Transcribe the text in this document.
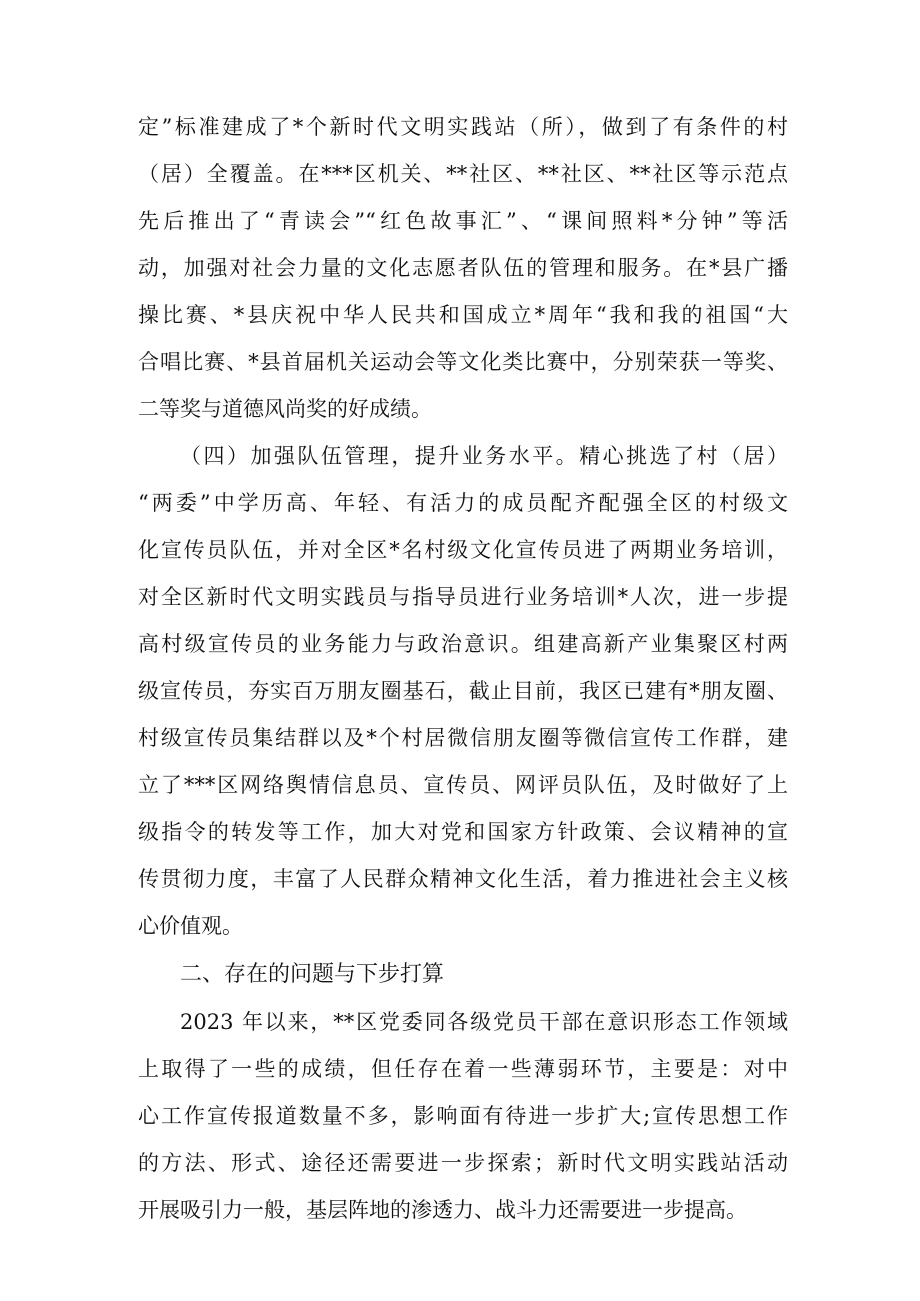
定”标准建成了*个新时代文明实践站（所），做到了有条件的村
（居）全覆盖。在***区机关、**社区、**社区、**社区等示范点
先后推出了“青读会”“红色故事汇”、“课间照料*分钟”等活
动，加强对社会力量的文化志愿者队伍的管理和服务。在*县广播
操比赛、*县庆祝中华人民共和国成立*周年“我和我的祖国“大
合唱比赛、*县首届机关运动会等文化类比赛中，分别荣获一等奖、
二等奖与道德风尚奖的好成绩。
（四）加强队伍管理，提升业务水平。精心挑选了村（居）
“两委”中学历高、年轻、有活力的成员配齐配强全区的村级文
化宣传员队伍，并对全区*名村级文化宣传员进了两期业务培训，
对全区新时代文明实践员与指导员进行业务培训*人次，进一步提
高村级宣传员的业务能力与政治意识。组建高新产业集聚区村两
级宣传员，夯实百万朋友圈基石，截止目前，我区已建有*朋友圈、
村级宣传员集结群以及*个村居微信朋友圈等微信宣传工作群，建
立了***区网络舆情信息员、宣传员、网评员队伍，及时做好了上
级指令的转发等工作，加大对党和国家方针政策、会议精神的宣
传贯彻力度，丰富了人民群众精神文化生活，着力推进社会主义核
心价值观。
二、存在的问题与下步打算
2023 年以来，**区党委同各级党员干部在意识形态工作领域
上取得了一些的成绩，但任存在着一些薄弱环节，主要是：对中
心工作宣传报道数量不多，影响面有待进一步扩大;宣传思想工作
的方法、形式、途径还需要进一步探索；新时代文明实践站活动
开展吸引力一般，基层阵地的渗透力、战斗力还需要进一步提高。
